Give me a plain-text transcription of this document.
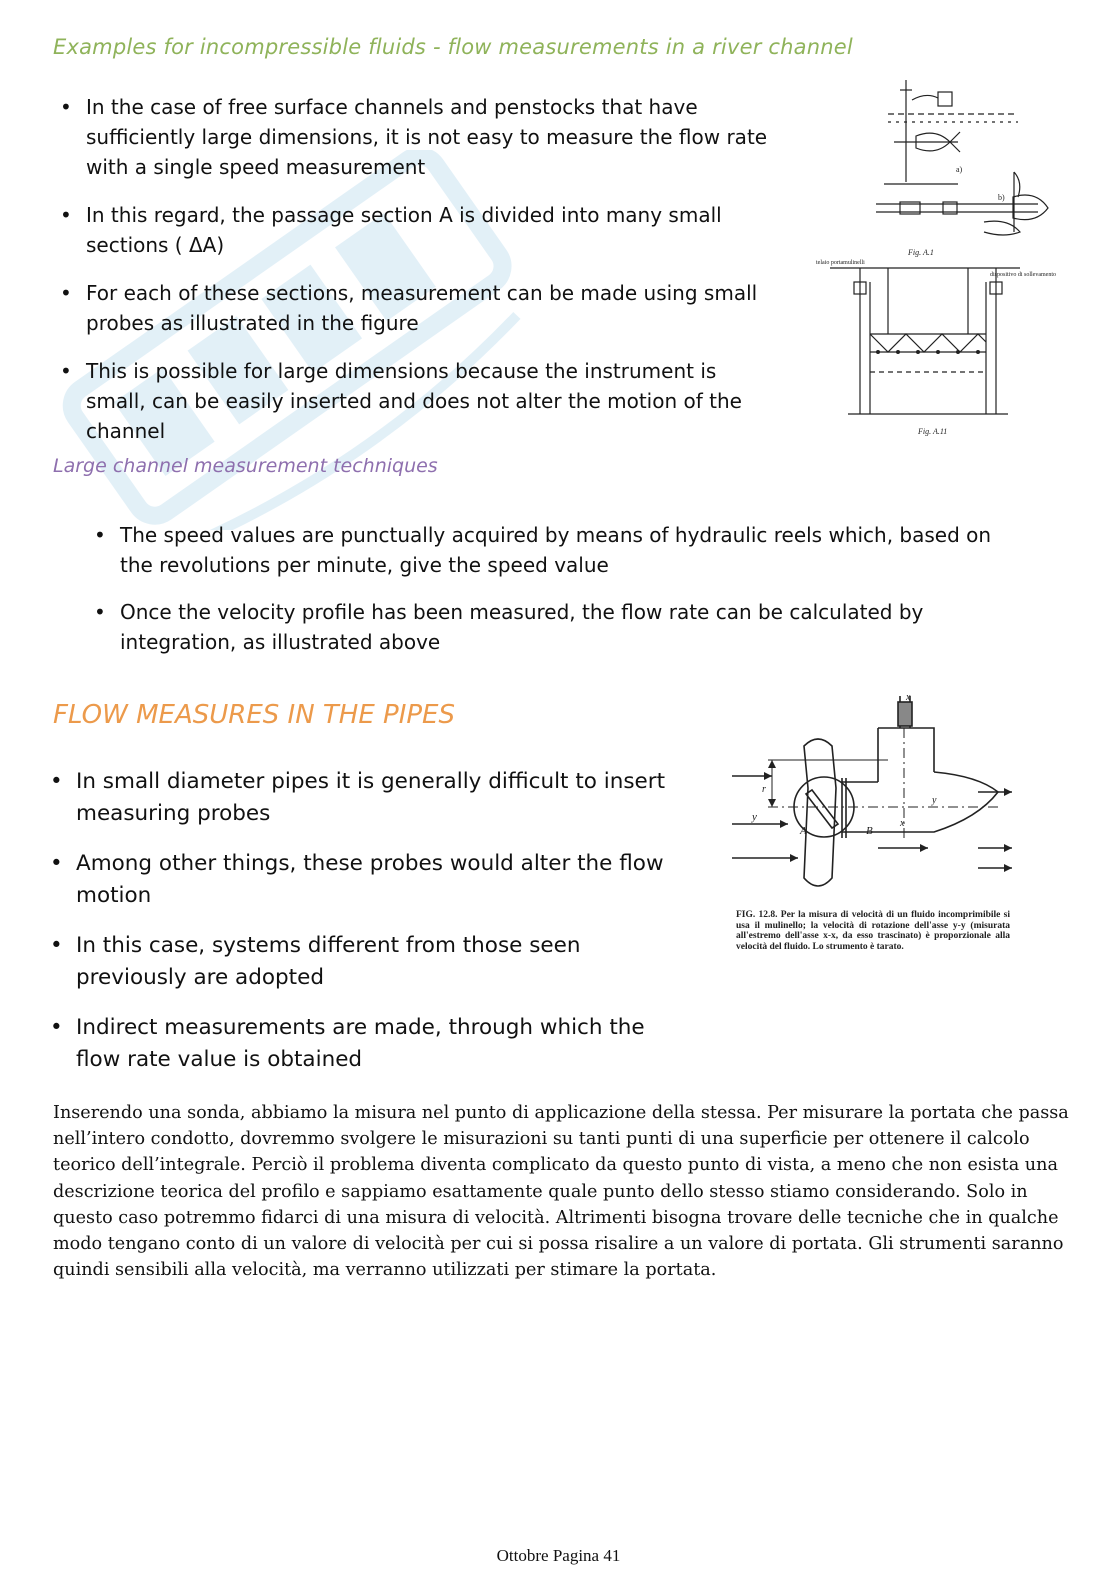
Examples for incompressible fluids - flow measurements in a river channel
• In the case of free surface channels and penstocks that have sufficiently large dimensions, it is not easy to measure the flow rate with a single speed measurement
• In this regard, the passage section A is divided into many small sections ( ΔA)
• For each of these sections, measurement can be made using small probes as illustrated in the figure
• This is possible for large dimensions because the instrument is small, can be easily inserted and does not alter the motion of the channel
a)
b)
Fig. A.1
telaio portamulinelli
dispositivo di sollevamento
Fig. A.11
Large channel measurement techniques
• The speed values are punctually acquired by means of hydraulic reels which, based on the revolutions per minute, give the speed value
• Once the velocity profile has been measured, the flow rate can be calculated by integration, as illustrated above
FLOW MEASURES IN THE PIPES
• In small diameter pipes it is generally difficult to insert measuring probes
• Among other things, these probes would alter the flow motion
• In this case, systems different from those seen previously are adopted
• Indirect measurements are made, through which the flow rate value is obtained
x
r
y
A	B
x
y
FIG. 12.8. Per la misura di velocità di un fluido incomprimibile si usa il mulinello; la velocità di rotazione dell'asse y-y (misurata all'estremo dell'asse x-x, da esso trascinato) è proporzionale alla velocità del fluido. Lo strumento è tarato.
Inserendo una sonda, abbiamo la misura nel punto di applicazione della stessa. Per misurare la portata che passa nell’intero condotto, dovremmo svolgere le misurazioni su tanti punti di una superficie per ottenere il calcolo teorico dell’integrale. Perciò il problema diventa complicato da questo punto di vista, a meno che non esista una descrizione teorica del profilo e sappiamo esattamente quale punto dello stesso stiamo considerando. Solo in questo caso potremmo fidarci di una misura di velocità. Altrimenti bisogna trovare delle tecniche che in qualche modo tengano conto di un valore di velocità per cui si possa risalire a un valore di portata. Gli strumenti saranno quindi sensibili alla velocità, ma verranno utilizzati per stimare la portata.
Ottobre Pagina 41
